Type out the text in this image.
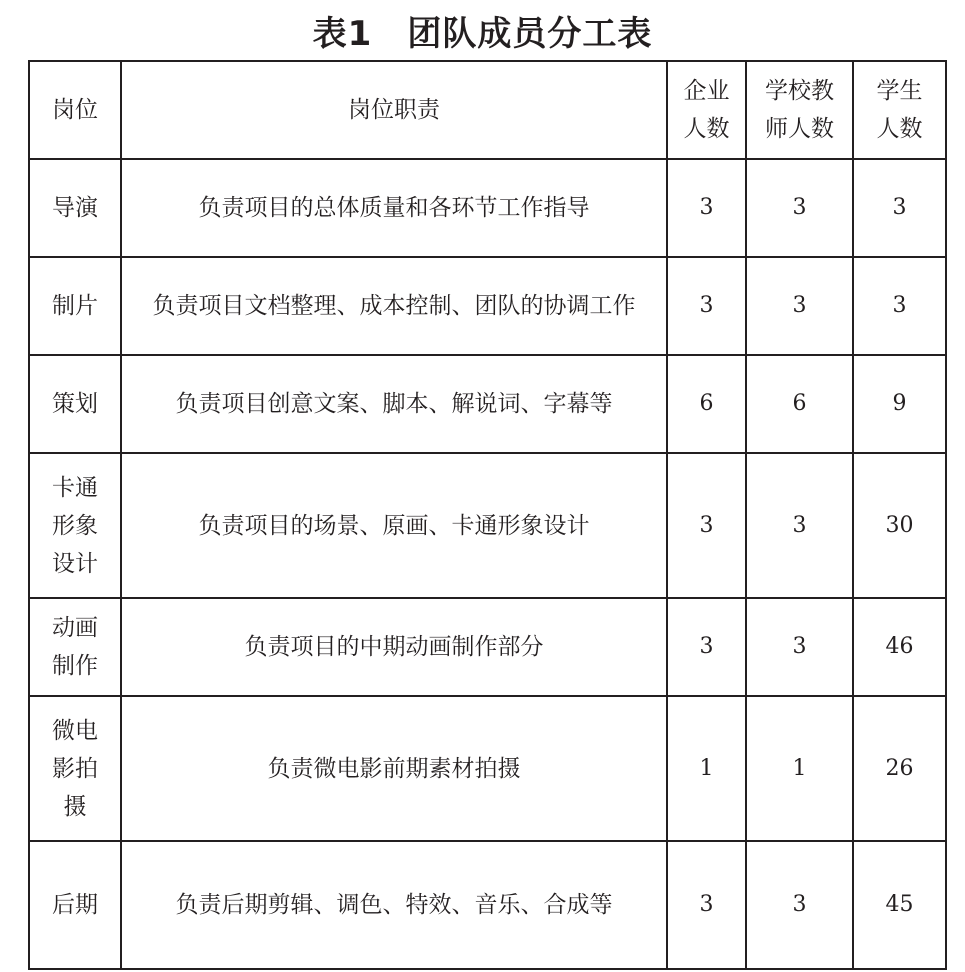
表1　团队成员分工表
岗位	岗位职责	企业人数	学校教师人数	学生人数
导演	负责项目的总体质量和各环节工作指导	3	3	3
制片	负责项目文档整理、成本控制、团队的协调工作	3	3	3
策划	负责项目创意文案、脚本、解说词、字幕等	6	6	9
卡通形象设计	负责项目的场景、原画、卡通形象设计	3	3	30
动画制作	负责项目的中期动画制作部分	3	3	46
微电影拍摄	负责微电影前期素材拍摄	1	1	26
后期	负责后期剪辑、调色、特效、音乐、合成等	3	3	45
